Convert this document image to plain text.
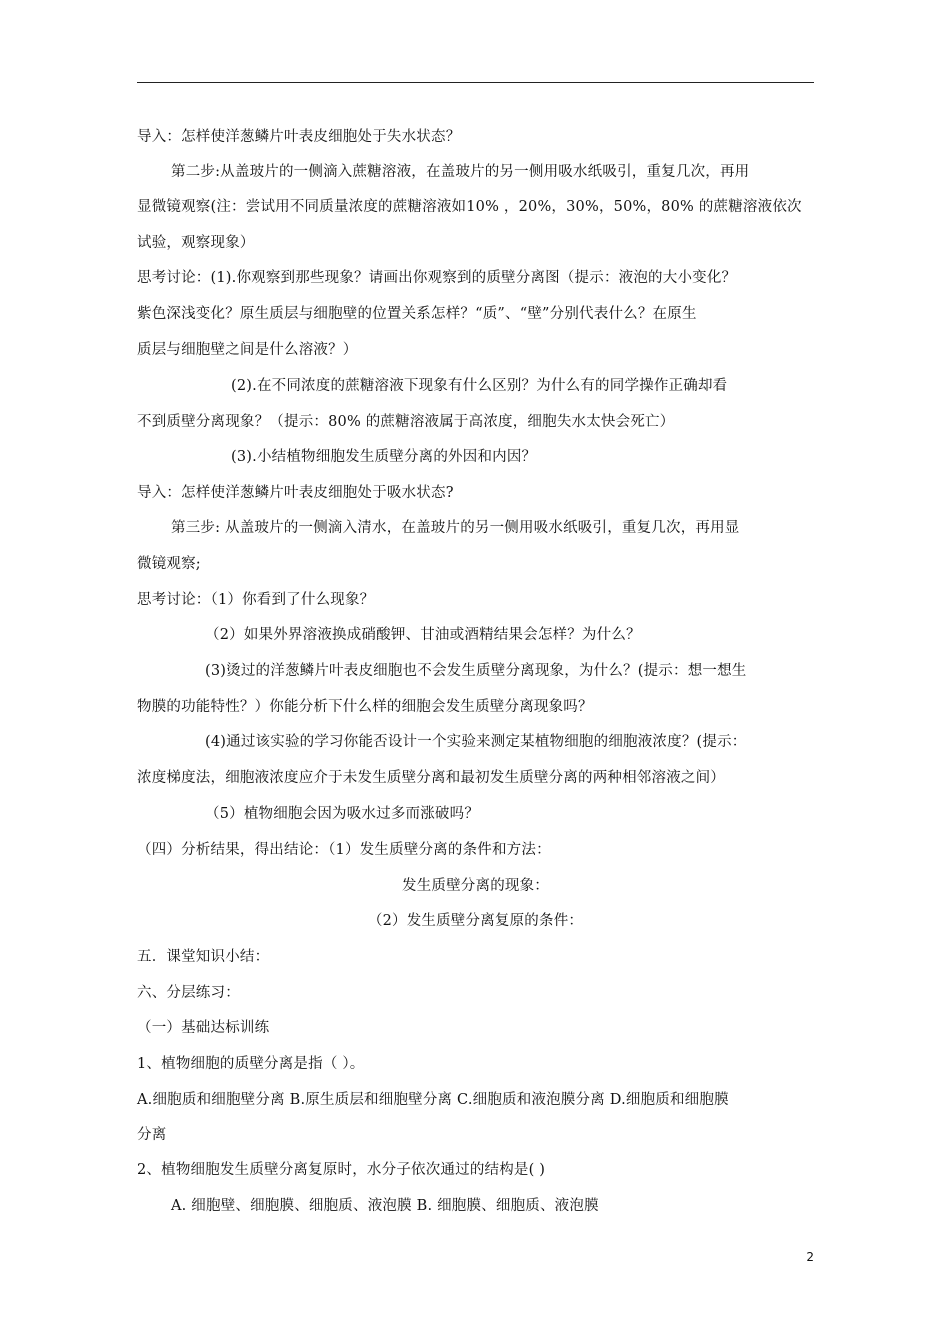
导入：怎样使洋葱鳞片叶表皮细胞处于失水状态？
第二步:从盖玻片的一侧滴入蔗糖溶液，在盖玻片的另一侧用吸水纸吸引，重复几次，再用
显微镜观察(注：尝试用不同质量浓度的蔗糖溶液如10% ，20%，30%，50%，80% 的蔗糖溶液依次
试验，观察现象）
思考讨论：(1).你观察到那些现象？请画出你观察到的质壁分离图（提示：液泡的大小变化？
紫色深浅变化？原生质层与细胞壁的位置关系怎样？“质”、“壁”分别代表什么？在原生
质层与细胞壁之间是什么溶液？）
(2).在不同浓度的蔗糖溶液下现象有什么区别？为什么有的同学操作正确却看
不到质壁分离现象？（提示：80% 的蔗糖溶液属于高浓度，细胞失水太快会死亡）
(3).小结植物细胞发生质壁分离的外因和内因？
导入：怎样使洋葱鳞片叶表皮细胞处于吸水状态?
第三步: 从盖玻片的一侧滴入清水，在盖玻片的另一侧用吸水纸吸引，重复几次，再用显
微镜观察;
思考讨论：（1）你看到了什么现象？
（2）如果外界溶液换成硝酸钾、甘油或酒精结果会怎样？为什么？
(3)烫过的洋葱鳞片叶表皮细胞也不会发生质壁分离现象，为什么？(提示：想一想生
物膜的功能特性？）你能分析下什么样的细胞会发生质壁分离现象吗？
(4)通过该实验的学习你能否设计一个实验来测定某植物细胞的细胞液浓度？(提示：
浓度梯度法，细胞液浓度应介于未发生质壁分离和最初发生质壁分离的两种相邻溶液之间）
（5）植物细胞会因为吸水过多而涨破吗？
（四）分析结果，得出结论：（1）发生质壁分离的条件和方法：
发生质壁分离的现象：
（2）发生质壁分离复原的条件：
五．课堂知识小结：
六、分层练习：
（一）基础达标训练
1、植物细胞的质壁分离是指（ ）。
A.细胞质和细胞壁分离 B.原生质层和细胞壁分离 C.细胞质和液泡膜分离 D.细胞质和细胞膜
分离
2、植物细胞发生质壁分离复原时，水分子依次通过的结构是( )
A. 细胞壁、细胞膜、细胞质、液泡膜 B. 细胞膜、细胞质、液泡膜
2
